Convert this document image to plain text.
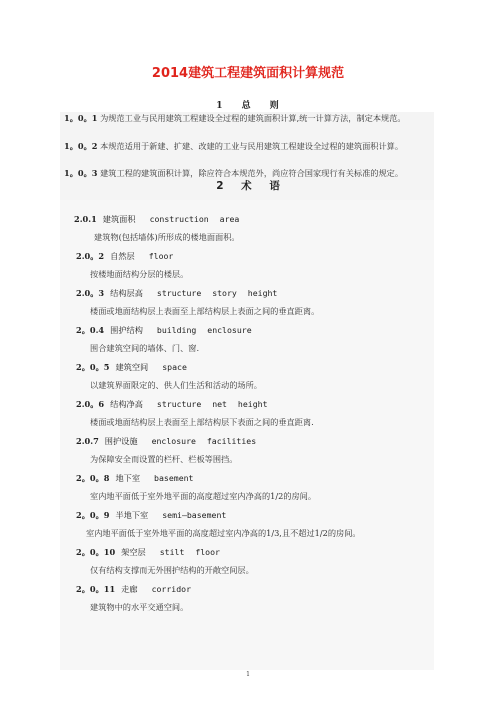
2014建筑工程建筑面积计算规范
1 总 则
1。0。1 为规范工业与民用建筑工程建设全过程的建筑面积计算,统一计算方法，制定本规范。
1。0。2 本规范适用于新建、扩建、改建的工业与民用建筑工程建设全过程的建筑面积计算。
1。0。3 建筑工程的建筑面积计算，除应符合本规范外，尚应符合国家现行有关标准的规定。
2 术 语
2.0.1 建筑面积 construction area
建筑物(包括墙体)所形成的楼地面面积。
2.0。2 自然层 floor
按楼地面结构分层的楼层。
2.0。3 结构层高 structure story height
楼面或地面结构层上表面至上部结构层上表面之间的垂直距离。
2。0.4 围护结构 building enclosure
围合建筑空间的墙体、门、窗.
2。0。5 建筑空间 space
以建筑界面限定的、供人们生活和活动的场所。
2.0。6 结构净高 structure net height
楼面或地面结构层上表面至上部结构层下表面之间的垂直距离.
2.0.7 围护设施 enclosure facilities
为保障安全而设置的栏杆、栏板等围挡。
2。0。8 地下室 basement
室内地平面低于室外地平面的高度超过室内净高的1/2的房间。
2。0。9 半地下室 semi—basement
室内地平面低于室外地平面的高度超过室内净高的1/3,且不超过1/2的房间。
2。0。10 架空层 stilt floor
仅有结构支撑而无外围护结构的开敞空间层。
2。0。11 走廊 corridor
建筑物中的水平交通空间。
1
